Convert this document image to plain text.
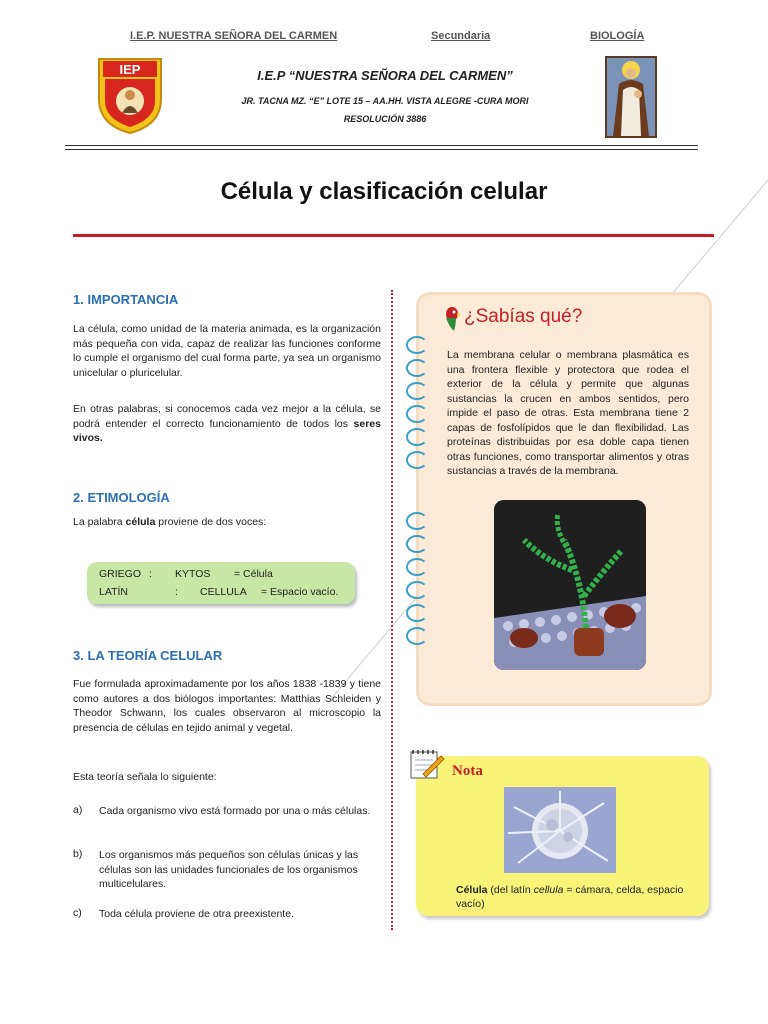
I.E.P. NUESTRA SEÑORA DEL CARMEN	Secundaria	BIOLOGÍA
IEP	I.E.P “NUESTRA SEÑORA DEL CARMEN”
JR. TACNA MZ. “E” LOTE 15 – AA.HH. VISTA ALEGRE -CURA MORI
RESOLUCIÓN 3886
Célula y clasificación celular
1. IMPORTANCIA
La célula, como unidad de la materia animada, es la organización más pequeña con vida, capaz de realizar las funciones conforme lo cumple el organismo del cual forma parte, ya sea un organismo unicelular o pluricelular.
En otras palabras, si conocemos cada vez mejor a la célula, se podrá entender el correcto funcionamiento de todos los seres vivos.
2. ETIMOLOGÍA
La palabra célula proviene de dos voces:
GRIEGO : KYTOS = Célula
LATÍN	: CELLULA = Espacio vacío.
3. LA TEORÍA CELULAR
Fue formulada aproximadamente por los años 1838 -1839 y tiene como autores a dos biólogos importantes: Matthias Schleiden y Theodor Schwann, los cuales observaron al microscopio la presencia de células en tejido animal y vegetal.
Esta teoría señala lo siguiente:
a) Cada organismo vivo está formado por una o más células.
b) Los organismos más pequeños son células únicas y las células son las unidades funcionales de los organismos multicelulares.
c) Toda célula proviene de otra preexistente.
¿Sabías qué?
La membrana celular o membrana plasmática es una frontera flexible y protectora que rodea el exterior de la célula y permite que algunas sustancias la crucen en ambos sentidos, pero impide el paso de otras. Esta membrana tiene 2 capas de fosfolípidos que le dan flexibilidad. Las proteínas distribuidas por esa doble capa tienen otras funciones, como transportar alimentos y otras sustancias a través de la membrana.
Nota
Célula (del latín cellula = cámara, celda, espacio vacío)
